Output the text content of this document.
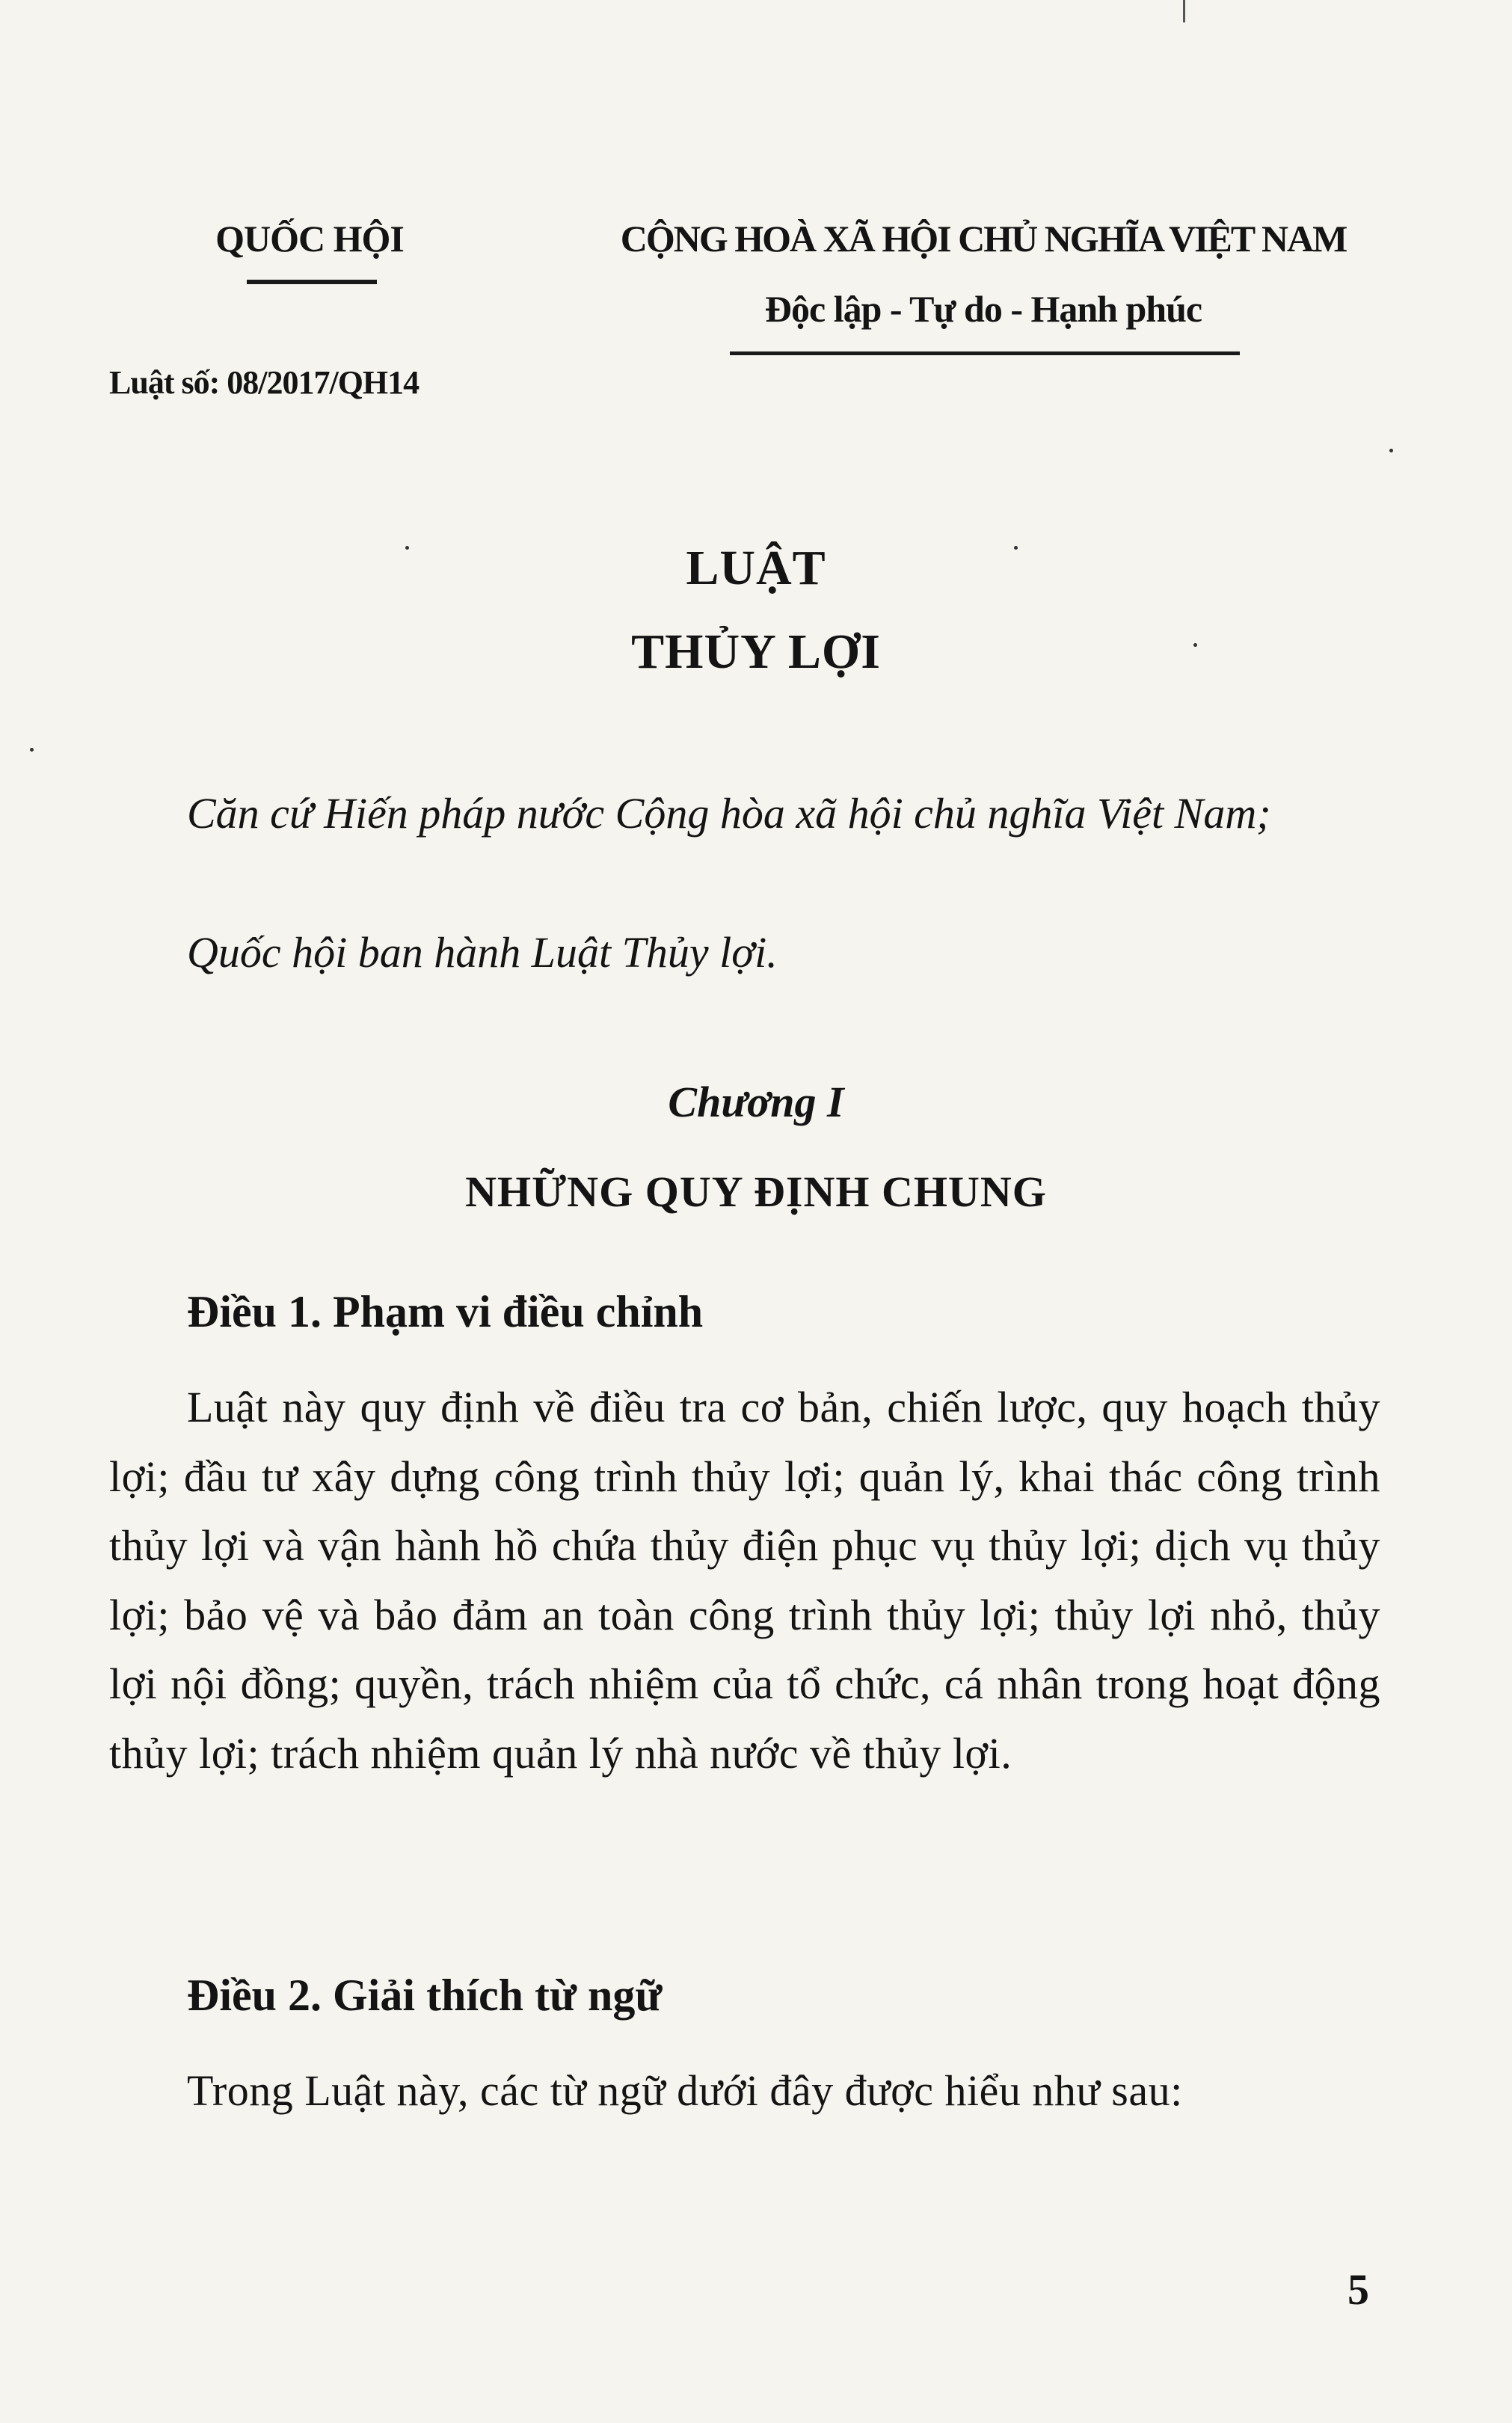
QUỐC HỘI	CỘNG HOÀ XÃ HỘI CHỦ NGHĨA VIỆT NAM
Độc lập - Tự do - Hạnh phúc
Luật số: 08/2017/QH14
LUẬT
THỦY LỢI
Căn cứ Hiến pháp nước Cộng hòa xã hội chủ nghĩa Việt Nam;
Quốc hội ban hành Luật Thủy lợi.
Chương I
NHỮNG QUY ĐỊNH CHUNG
Điều 1. Phạm vi điều chỉnh
Luật này quy định về điều tra cơ bản, chiến lược, quy hoạch thủy lợi; đầu tư xây dựng công trình thủy lợi; quản lý, khai thác công trình thủy lợi và vận hành hồ chứa thủy điện phục vụ thủy lợi; dịch vụ thủy lợi; bảo vệ và bảo đảm an toàn công trình thủy lợi; thủy lợi nhỏ, thủy lợi nội đồng; quyền, trách nhiệm của tổ chức, cá nhân trong hoạt động thủy lợi; trách nhiệm quản lý nhà nước về thủy lợi.
Điều 2. Giải thích từ ngữ
Trong Luật này, các từ ngữ dưới đây được hiểu như sau:
5
